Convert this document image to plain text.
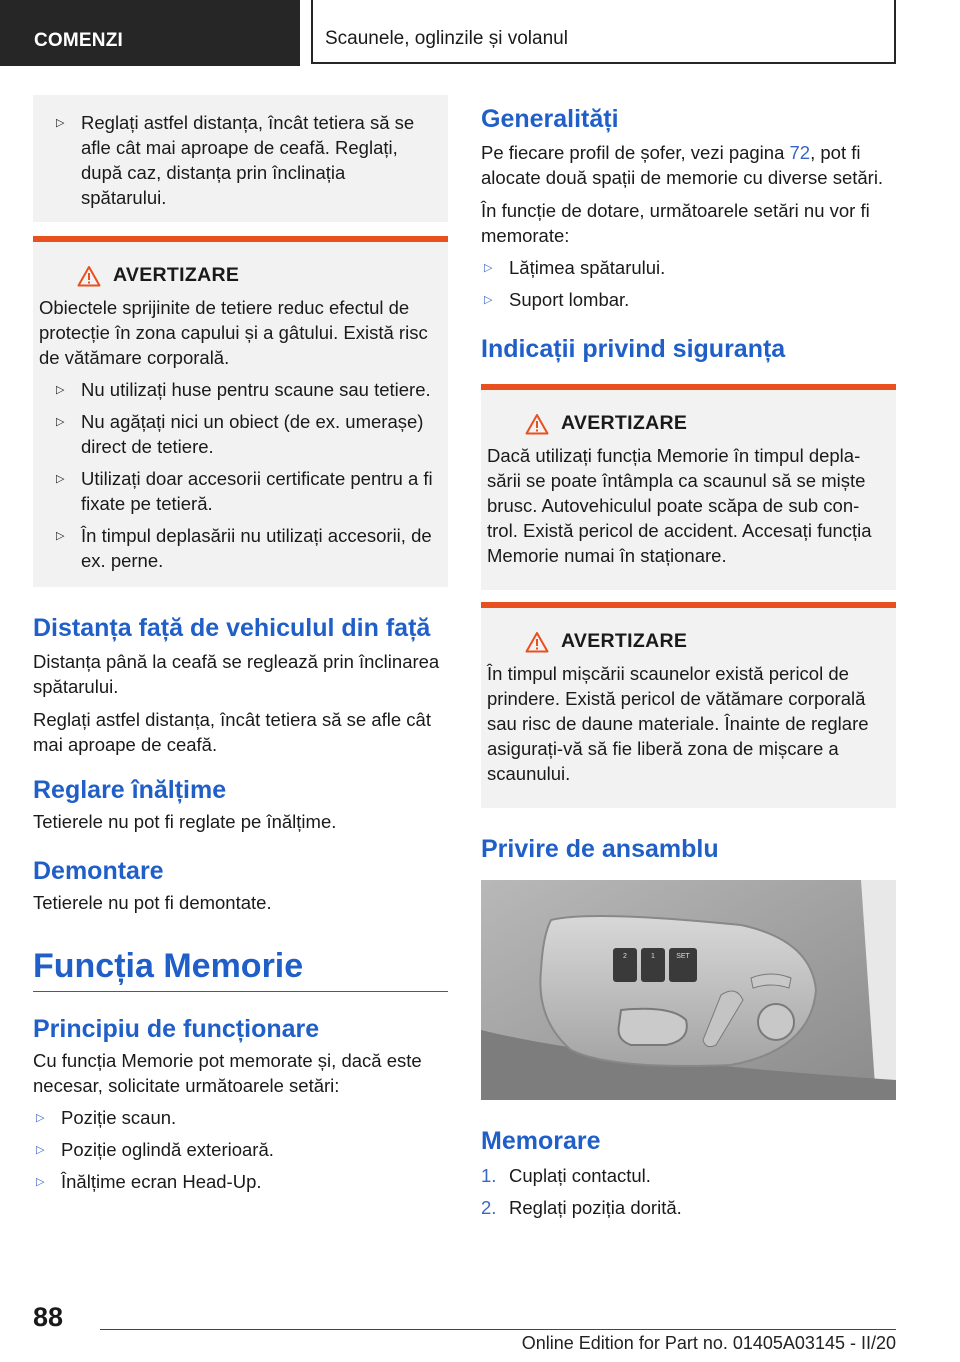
COMENZI	Scaunele, oglinzile și volanul
▷ Reglați astfel distanța, încât tetiera să se afle cât mai aproape de ceafă. Reglați, după caz, distanța prin înclinația spătarului.
AVERTIZARE
Obiectele sprijinite de tetiere reduc efectul de protecție în zona capului și a gâtului. Există risc de vătămare corporală.
▷ Nu utilizați huse pentru scaune sau tetiere.
▷ Nu agățați nici un obiect (de ex. umerașe) direct de tetiere.
▷ Utilizați doar accesorii certificate pentru a fi fixate pe tetieră.
▷ În timpul deplasării nu utilizați accesorii, de ex. perne.
Distanța față de vehiculul din față
Distanța până la ceafă se reglează prin înclinarea spătarului.
Reglați astfel distanța, încât tetiera să se afle cât mai aproape de ceafă.
Reglare înălțime
Tetierele nu pot fi reglate pe înălțime.
Demontare
Tetierele nu pot fi demontate.
Funcția Memorie
Principiu de funcționare
Cu funcția Memorie pot memorate și, dacă este necesar, solicitate următoarele setări:
▷ Poziție scaun.
▷ Poziție oglindă exterioară.
▷ Înălțime ecran Head-Up.
Generalități
Pe fiecare profil de șofer, vezi pagina 72, pot fi alocate două spații de memorie cu diverse setări.
În funcție de dotare, următoarele setări nu vor fi memorate:
▷ Lățimea spătarului.
▷ Suport lombar.
Indicații privind siguranța
AVERTIZARE
Dacă utilizați funcția Memorie în timpul depla-sării se poate întâmpla ca scaunul să se miște brusc. Autovehiculul poate scăpa de sub con-trol. Există pericol de accident. Accesați funcția Memorie numai în staționare.
AVERTIZARE
În timpul mișcării scaunelor există pericol de prindere. Există pericol de vătămare corporală sau risc de daune materiale. Înainte de reglare asigurați-vă să fie liberă zona de mișcare a scaunului.
Privire de ansamblu
2	1	SET
Memorare
1. Cuplați contactul.
2. Reglați poziția dorită.
88
Online Edition for Part no. 01405A03145 - II/20
